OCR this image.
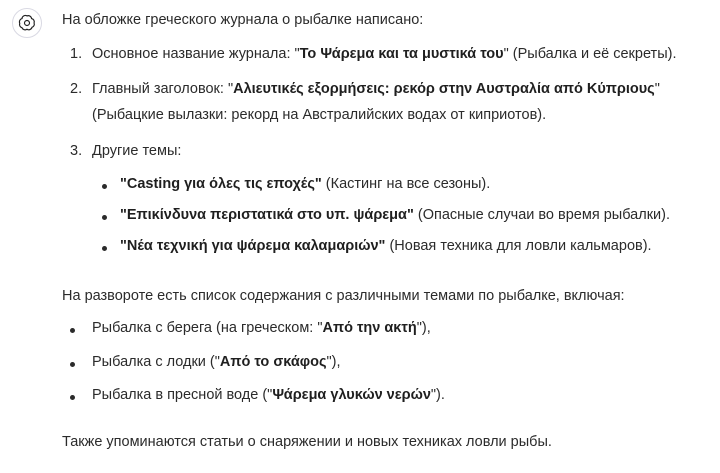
На обложке греческого журнала о рыбалке написано:
1. Основное название журнала: "Το Ψάρεμα και τα μυστικά του" (Рыбалка и её секреты).
2. Главный заголовок: "Αλιευτικές εξορμήσεις: ρεκόρ στην Αυστραλία από Κύπριους"
(Рыбацкие вылазки: рекорд на Австралийских водах от киприотов).
3. Другие темы:
"Casting για όλες τις εποχές" (Кастинг на все сезоны).
"Επικίνδυνα περιστατικά στο υπ. ψάρεμα" (Опасные случаи во время рыбалки).
"Νέα τεχνική για ψάρεμα καλαμαριών" (Новая техника для ловли кальмаров).
На развороте есть список содержания с различными темами по рыбалке, включая:
Рыбалка с берега (на греческом: "Από την ακτή"),
Рыбалка с лодки ("Από το σκάφος"),
Рыбалка в пресной воде ("Ψάρεμα γλυκών νερών").
Также упоминаются статьи о снаряжении и новых техниках ловли рыбы.
